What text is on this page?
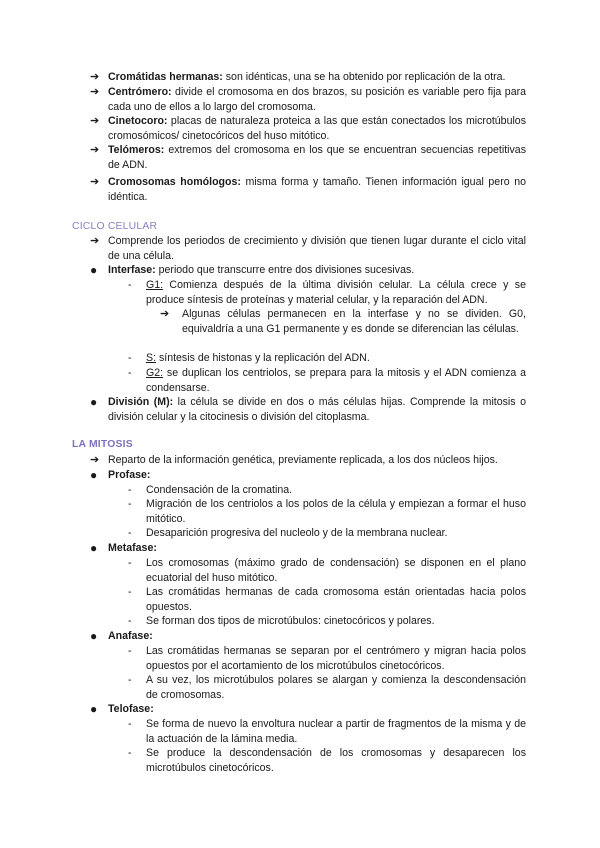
➔ Cromátidas hermanas: son idénticas, una se ha obtenido por replicación de la otra.
➔ Centrómero: divide el cromosoma en dos brazos, su posición es variable pero fija para cada uno de ellos a lo largo del cromosoma.
➔ Cinetocoro: placas de naturaleza proteica a las que están conectados los microtúbulos cromosómicos/ cinetocóricos del huso mitótico.
➔ Telómeros: extremos del cromosoma en los que se encuentran secuencias repetitivas de ADN.
➔ Cromosomas homólogos: misma forma y tamaño. Tienen información igual pero no idéntica.
CICLO CELULAR
➔ Comprende los periodos de crecimiento y división que tienen lugar durante el ciclo vital de una célula.
●	Interfase: periodo que transcurre entre dos divisiones sucesivas.
-	G1: Comienza después de la última división celular. La célula crece y se produce síntesis de proteínas y material celular, y la reparación del ADN.
➔	Algunas células permanecen en la interfase y no se dividen. G0, equivaldría a una G1 permanente y es donde se diferencian las células.
-	S: síntesis de histonas y la replicación del ADN.
-	G2: se duplican los centriolos, se prepara para la mitosis y el ADN comienza a condensarse.
●	División (M): la célula se divide en dos o más células hijas. Comprende la mitosis o división celular y la citocinesis o división del citoplasma.
LA MITOSIS
➔ Reparto de la información genética, previamente replicada, a los dos núcleos hijos.
●	Profase:
-	Condensación de la cromatina.
-	Migración de los centriolos a los polos de la célula y empiezan a formar el huso mitótico.
-	Desaparición progresiva del nucleolo y de la membrana nuclear.
●	Metafase:
-	Los cromosomas (máximo grado de condensación) se disponen en el plano ecuatorial del huso mitótico.
-	Las cromátidas hermanas de cada cromosoma están orientadas hacia polos opuestos.
-	Se forman dos tipos de microtúbulos: cinetocóricos y polares.
●	Anafase:
-	Las cromátidas hermanas se separan por el centrómero y migran hacia polos opuestos por el acortamiento de los microtúbulos cinetocóricos.
-	A su vez, los microtúbulos polares se alargan y comienza la descondensación de cromosomas.
●	Telofase:
-	Se forma de nuevo la envoltura nuclear a partir de fragmentos de la misma y de la actuación de la lámina media.
-	Se produce la descondensación de los cromosomas y desaparecen los microtúbulos cinetocóricos.
